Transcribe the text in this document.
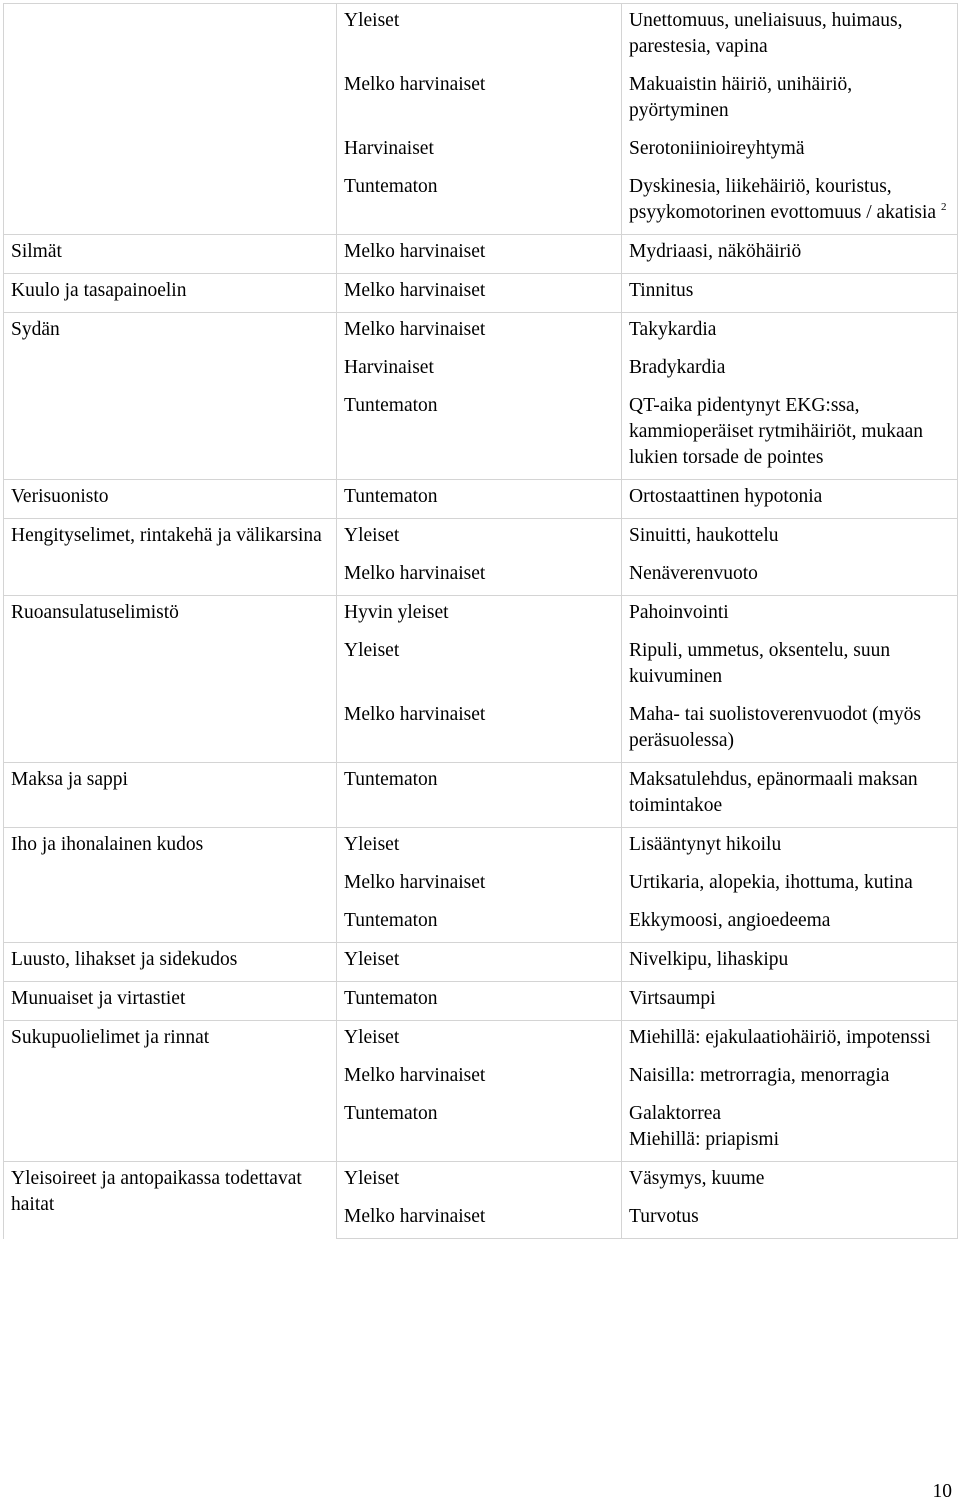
	Yleiset	Unettomuus, uneliaisuus, huimaus, parestesia, vapina
	Melko harvinaiset	Makuaistin häiriö, unihäiriö, pyörtyminen
	Harvinaiset	Serotoniinioireyhtymä
	Tuntematon	Dyskinesia, liikehäiriö, kouristus, psyykomotorinen evottomuus / akatisia $^2$
Silmät	Melko harvinaiset	Mydriaasi, näköhäiriö
Kuulo ja tasapainoelin	Melko harvinaiset	Tinnitus
Sydän	Melko harvinaiset	Takykardia
	Harvinaiset	Bradykardia
	Tuntematon	QT-aika pidentynyt EKG:ssa, kammioperäiset rytmihäiriöt, mukaan lukien torsade de pointes
Verisuonisto	Tuntematon	Ortostaattinen hypotonia
Hengityselimet, rintakehä ja välikarsina	Yleiset	Sinuitti, haukottelu
	Melko harvinaiset	Nenäverenvuoto
Ruoansulatuselimistö	Hyvin yleiset	Pahoinvointi
	Yleiset	Ripuli, ummetus, oksentelu, suun kuivuminen
	Melko harvinaiset	Maha- tai suolistoverenvuodot (myös peräsuolessa)
Maksa ja sappi	Tuntematon	Maksatulehdus, epänormaali maksan toimintakoe
Iho ja ihonalainen kudos	Yleiset	Lisääntynyt hikoilu
	Melko harvinaiset	Urtikaria, alopekia, ihottuma, kutina
	Tuntematon	Ekkymoosi, angioedeema
Luusto, lihakset ja sidekudos	Yleiset	Nivelkipu, lihaskipu
Munuaiset ja virtastiet	Tuntematon	Virtsaumpi
Sukupuolielimet ja rinnat	Yleiset	Miehillä: ejakulaatiohäiriö, impotenssi
	Melko harvinaiset	Naisilla: metrorragia, menorragia
	Tuntematon	Galaktorrea
Miehillä: priapismi
Yleisoireet ja antopaikassa todettavat haitat	Yleiset	Väsymys, kuume
	Melko harvinaiset	Turvotus
10
